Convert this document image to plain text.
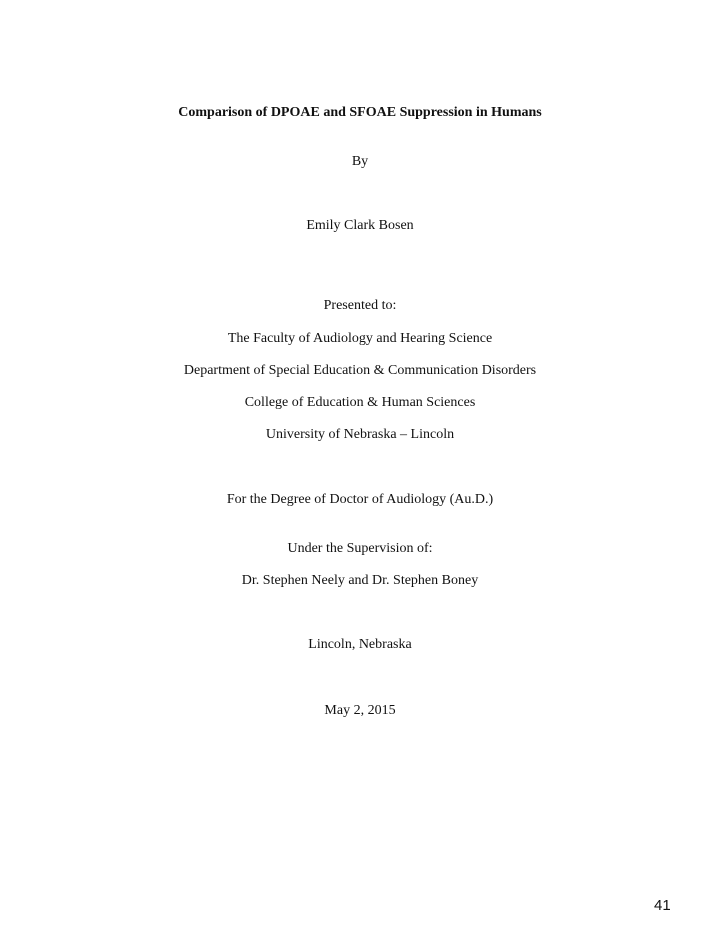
Comparison of DPOAE and SFOAE Suppression in Humans
By
Emily Clark Bosen
Presented to:
The Faculty of Audiology and Hearing Science
Department of Special Education & Communication Disorders
College of Education & Human Sciences
University of Nebraska – Lincoln
For the Degree of Doctor of Audiology (Au.D.)
Under the Supervision of:
Dr. Stephen Neely and Dr. Stephen Boney
Lincoln, Nebraska
May 2, 2015
41
